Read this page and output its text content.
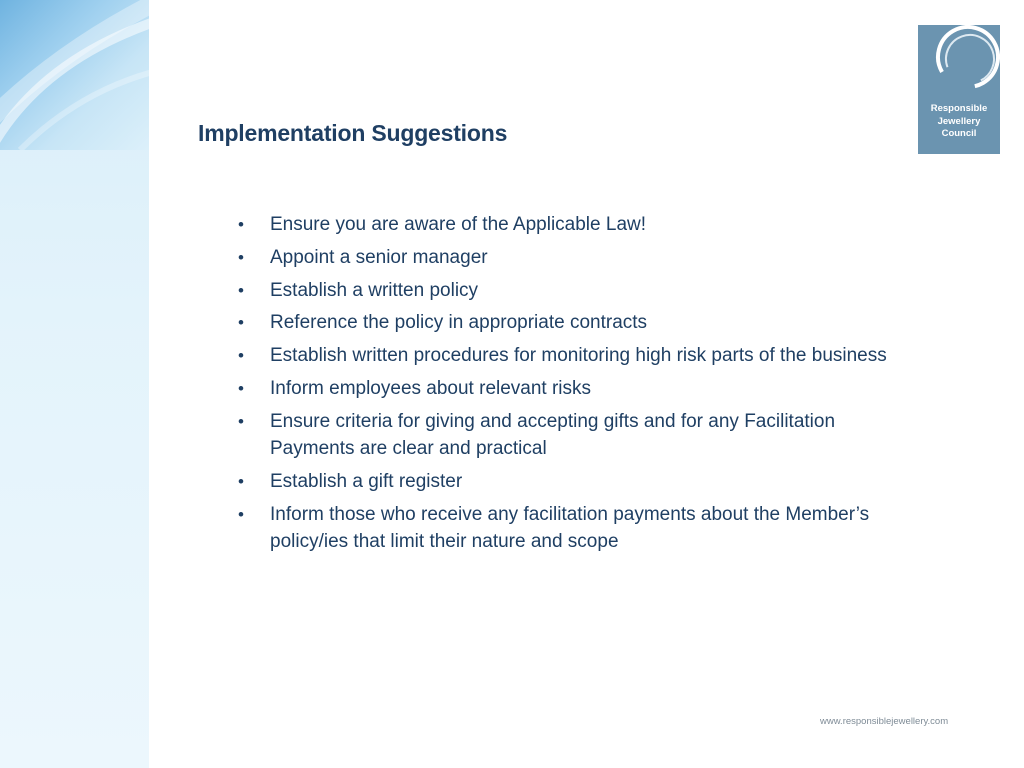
Implementation Suggestions
Responsible
Jewellery
Council
• Ensure you are aware of the Applicable Law!
• Appoint a senior manager
• Establish a written policy
• Reference the policy in appropriate contracts
• Establish written procedures for monitoring high risk parts of the business
• Inform employees about relevant risks
• Ensure criteria for giving and accepting gifts and for any Facilitation Payments are clear and practical
• Establish a gift register
• Inform those who receive any facilitation payments about the Member’s policy/ies that limit their nature and scope
www.responsiblejewellery.com
